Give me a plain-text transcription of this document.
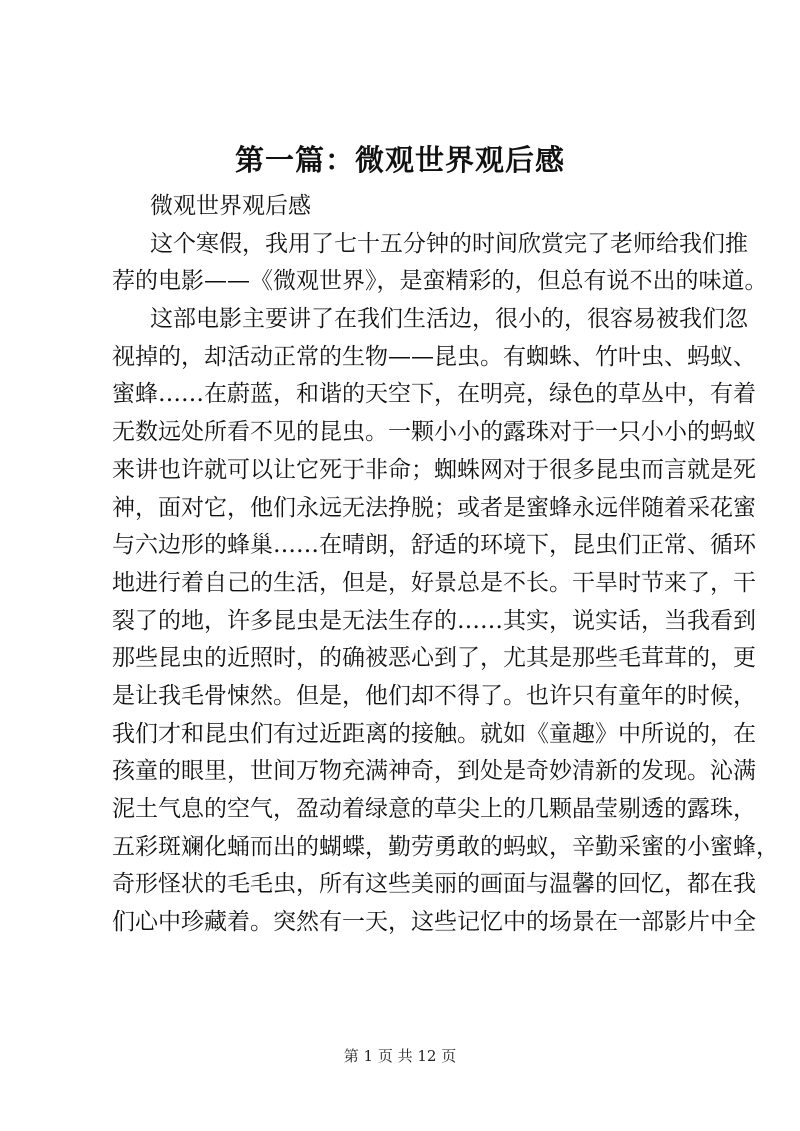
第一篇：微观世界观后感
微观世界观后感
这个寒假，我用了七十五分钟的时间欣赏完了老师给我们推
荐的电影——《微观世界》，是蛮精彩的，但总有说不出的味道。
这部电影主要讲了在我们生活边，很小的，很容易被我们忽
视掉的，却活动正常的生物——昆虫。有蜘蛛、竹叶虫、蚂蚁、
蜜蜂……在蔚蓝，和谐的天空下，在明亮，绿色的草丛中，有着
无数远处所看不见的昆虫。一颗小小的露珠对于一只小小的蚂蚁
来讲也许就可以让它死于非命；蜘蛛网对于很多昆虫而言就是死
神，面对它，他们永远无法挣脱；或者是蜜蜂永远伴随着采花蜜
与六边形的蜂巢……在晴朗，舒适的环境下，昆虫们正常、循环
地进行着自己的生活，但是，好景总是不长。干旱时节来了，干
裂了的地，许多昆虫是无法生存的……其实，说实话，当我看到
那些昆虫的近照时，的确被恶心到了，尤其是那些毛茸茸的，更
是让我毛骨悚然。但是，他们却不得了。也许只有童年的时候，
我们才和昆虫们有过近距离的接触。就如《童趣》中所说的，在
孩童的眼里，世间万物充满神奇，到处是奇妙清新的发现。沁满
泥土气息的空气，盈动着绿意的草尖上的几颗晶莹剔透的露珠，
五彩斑斓化蛹而出的蝴蝶，勤劳勇敢的蚂蚁，辛勤采蜜的小蜜蜂，
奇形怪状的毛毛虫，所有这些美丽的画面与温馨的回忆，都在我
们心中珍藏着。突然有一天，这些记忆中的场景在一部影片中全
第 1 页 共 12 页
